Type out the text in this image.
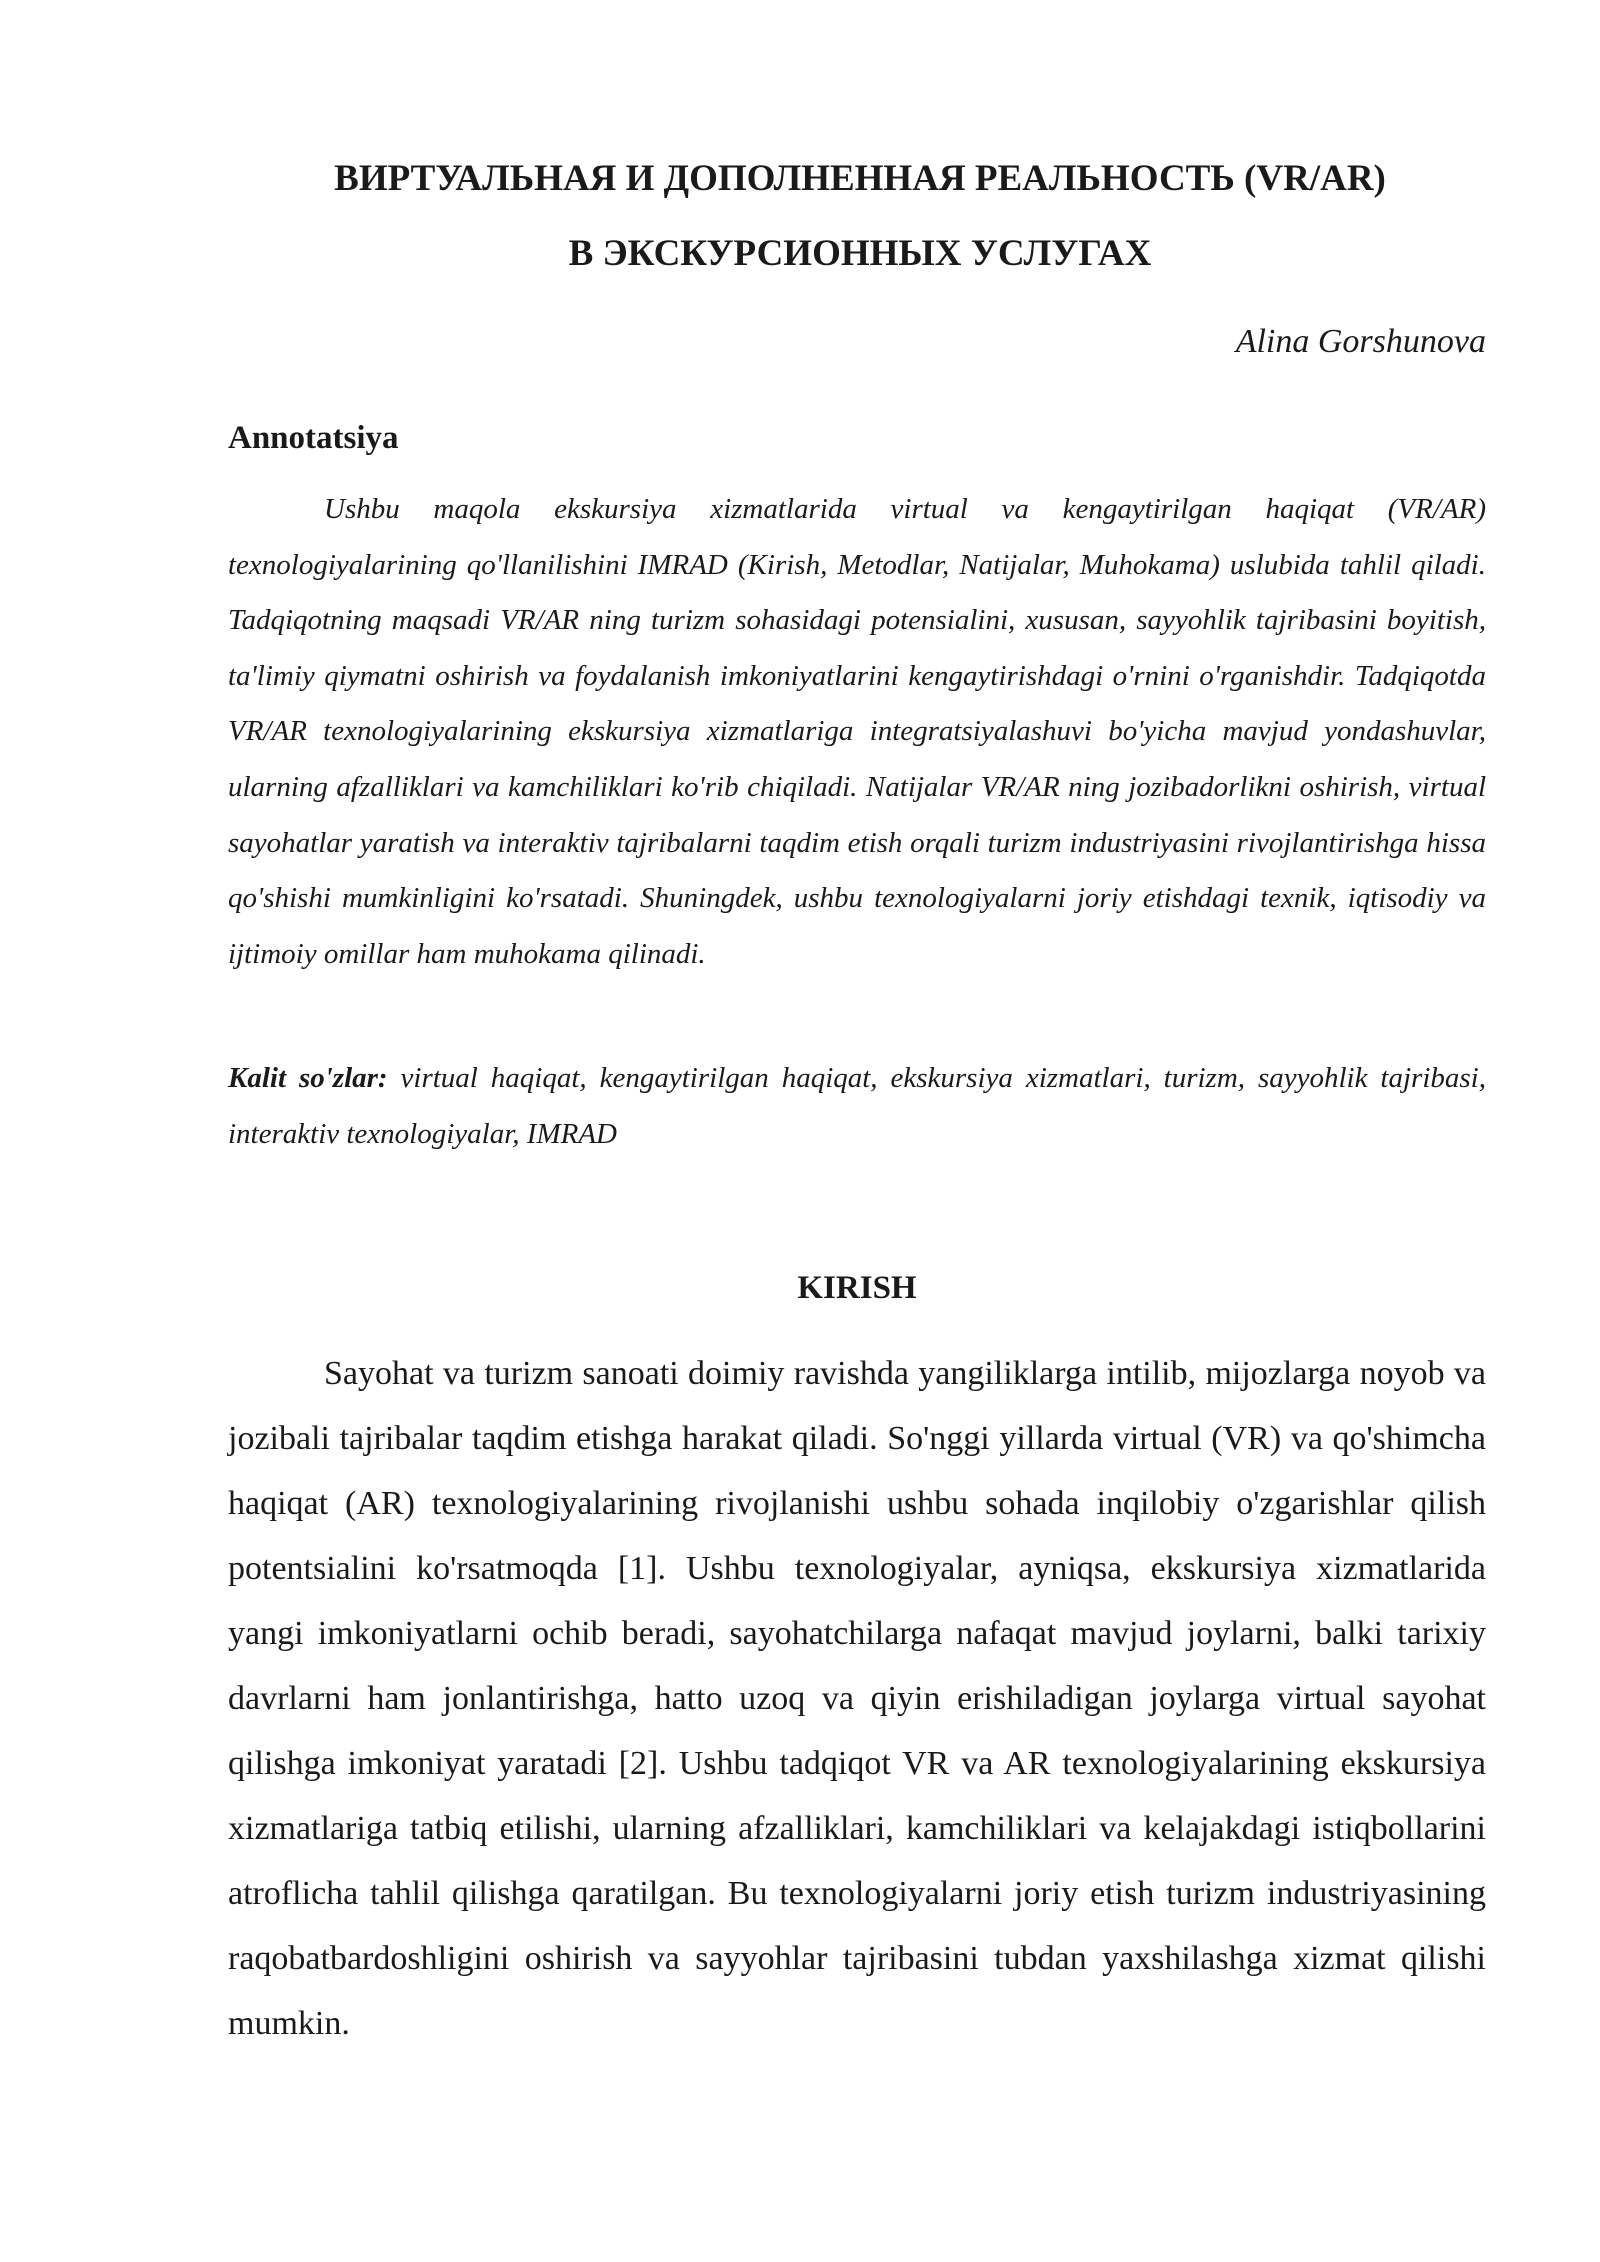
ВИРТУАЛЬНАЯ И ДОПОЛНЕННАЯ РЕАЛЬНОСТЬ (VR/AR)
В ЭКСКУРСИОННЫХ УСЛУГАХ

Alina Gorshunova

Annotatsiya

Ushbu maqola ekskursiya xizmatlarida virtual va kengaytirilgan haqiqat (VR/AR) texnologiyalarining qo'llanilishini IMRAD (Kirish, Metodlar, Natijalar, Muhokama) uslubida tahlil qiladi. Tadqiqotning maqsadi VR/AR ning turizm sohasidagi potensialini, xususan, sayyohlik tajribasini boyitish, ta'limiy qiymatni oshirish va foydalanish imkoniyatlarini kengaytirishdagi o'rnini o'rganishdir. Tadqiqotda VR/AR texnologiyalarining ekskursiya xizmatlariga integratsiyalashuvi bo'yicha mavjud yondashuvlar, ularning afzalliklari va kamchiliklari ko'rib chiqiladi. Natijalar VR/AR ning jozibadorlikni oshirish, virtual sayohatlar yaratish va interaktiv tajribalarni taqdim etish orqali turizm industriyasini rivojlantirishga hissa qo'shishi mumkinligini ko'rsatadi. Shuningdek, ushbu texnologiyalarni joriy etishdagi texnik, iqtisodiy va ijtimoiy omillar ham muhokama qilinadi.

Kalit so'zlar: virtual haqiqat, kengaytirilgan haqiqat, ekskursiya xizmatlari, turizm, sayyohlik tajribasi, interaktiv texnologiyalar, IMRAD

KIRISH

Sayohat va turizm sanoati doimiy ravishda yangiliklarga intilib, mijozlarga noyob va jozibali tajribalar taqdim etishga harakat qiladi. So'nggi yillarda virtual (VR) va qo'shimcha haqiqat (AR) texnologiyalarining rivojlanishi ushbu sohada inqilobiy o'zgarishlar qilish potentsialini ko'rsatmoqda [1]. Ushbu texnologiyalar, ayniqsa, ekskursiya xizmatlarida yangi imkoniyatlarni ochib beradi, sayohatchilarga nafaqat mavjud joylarni, balki tarixiy davrlarni ham jonlantirishga, hatto uzoq va qiyin erishiladigan joylarga virtual sayohat qilishga imkoniyat yaratadi [2]. Ushbu tadqiqot VR va AR texnologiyalarining ekskursiya xizmatlariga tatbiq etilishi, ularning afzalliklari, kamchiliklari va kelajakdagi istiqbollarini atroflicha tahlil qilishga qaratilgan. Bu texnologiyalarni joriy etish turizm industriyasining raqobatbardoshligini oshirish va sayyohlar tajribasini tubdan yaxshilashga xizmat qilishi mumkin.
